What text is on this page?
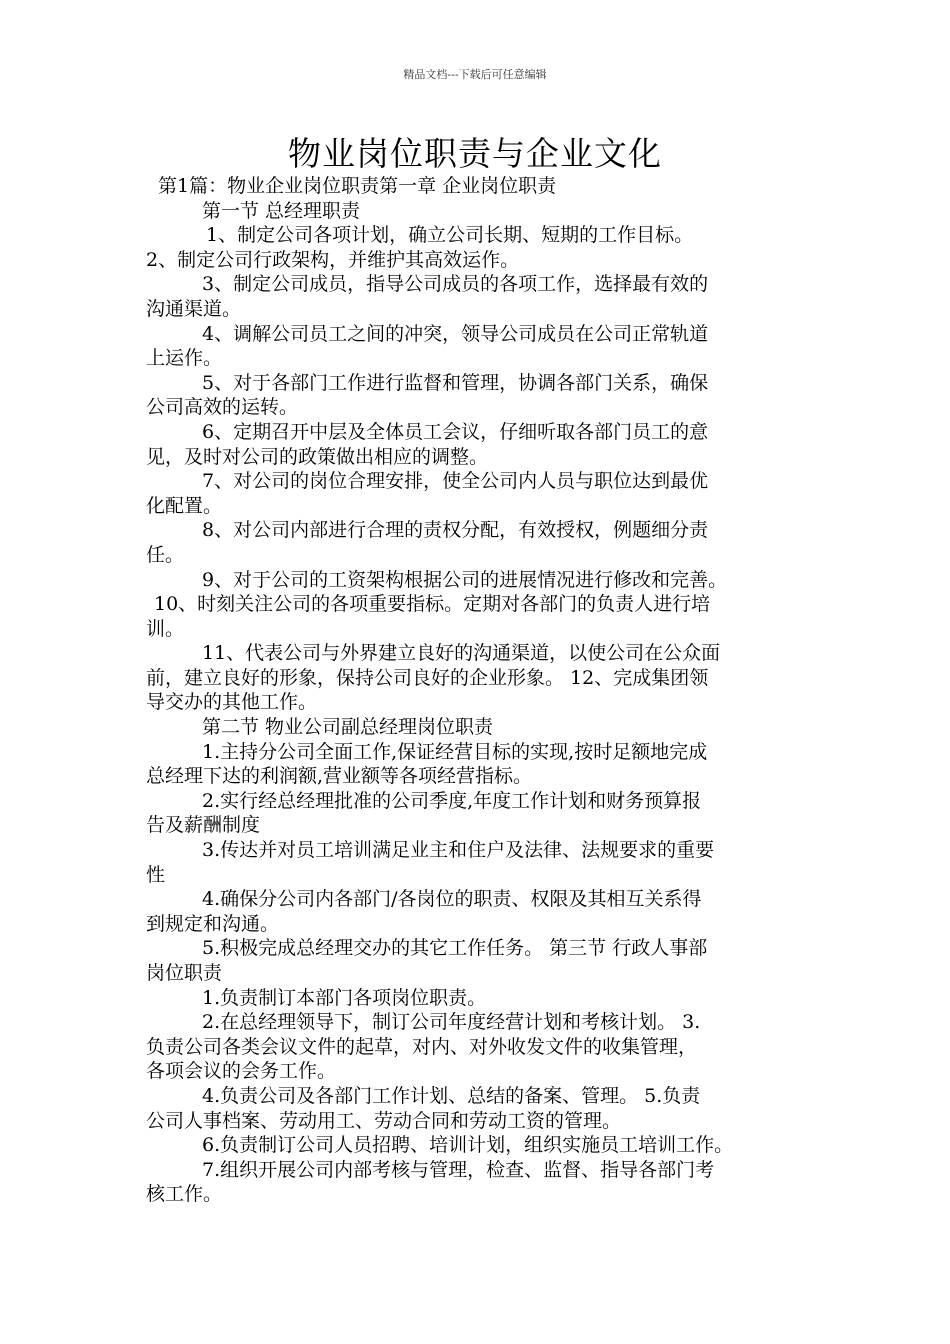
精品文档---下载后可任意编辑
物业岗位职责与企业文化
第1篇：物业企业岗位职责第一章 企业岗位职责
第一节 总经理职责
1、制定公司各项计划，确立公司长期、短期的工作目标。
2、制定公司行政架构，并维护其高效运作。
3、制定公司成员，指导公司成员的各项工作，选择最有效的
沟通渠道。
4、调解公司员工之间的冲突，领导公司成员在公司正常轨道
上运作。
5、对于各部门工作进行监督和管理，协调各部门关系，确保
公司高效的运转。
6、定期召开中层及全体员工会议，仔细听取各部门员工的意
见，及时对公司的政策做出相应的调整。
7、对公司的岗位合理安排，使全公司内人员与职位达到最优
化配置。
8、对公司内部进行合理的责权分配，有效授权，例题细分责
任。
9、对于公司的工资架构根据公司的进展情况进行修改和完善。
10、时刻关注公司的各项重要指标。定期对各部门的负责人进行培
训。
11、代表公司与外界建立良好的沟通渠道，以使公司在公众面
前，建立良好的形象，保持公司良好的企业形象。 12、完成集团领
导交办的其他工作。
第二节 物业公司副总经理岗位职责
1.主持分公司全面工作,保证经营目标的实现,按时足额地完成
总经理下达的利润额,营业额等各项经营指标。
2.实行经总经理批准的公司季度,年度工作计划和财务预算报
告及薪酬制度
3.传达并对员工培训满足业主和住户及法律、法规要求的重要
性
4.确保分公司内各部门/各岗位的职责、权限及其相互关系得
到规定和沟通。
5.积极完成总经理交办的其它工作任务。 第三节 行政人事部
岗位职责
1.负责制订本部门各项岗位职责。
2.在总经理领导下，制订公司年度经营计划和考核计划。 3.
负责公司各类会议文件的起草，对内、对外收发文件的收集管理，
各项会议的会务工作。
4.负责公司及各部门工作计划、总结的备案、管理。 5.负责
公司人事档案、劳动用工、劳动合同和劳动工资的管理。
6.负责制订公司人员招聘、培训计划，组织实施员工培训工作。
7.组织开展公司内部考核与管理，检查、监督、指导各部门考
核工作。
